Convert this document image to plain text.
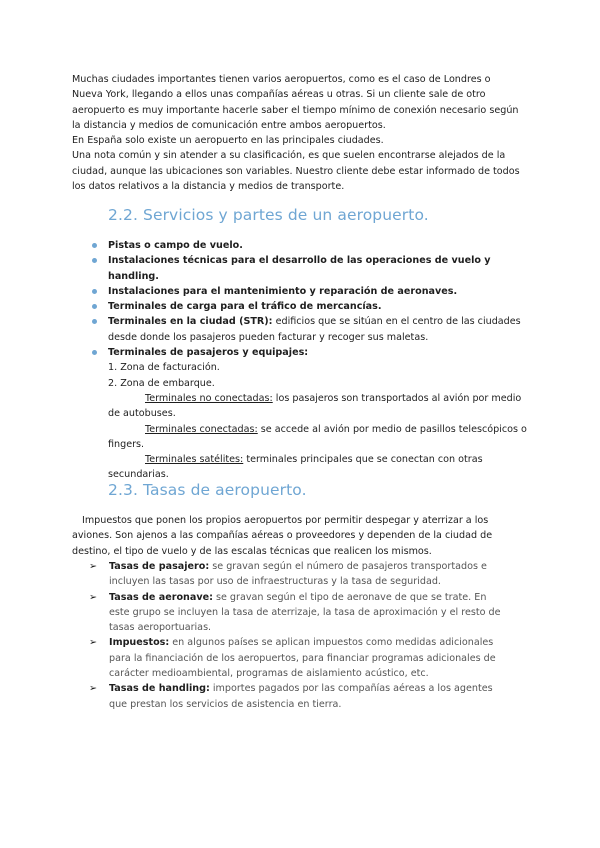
Muchas ciudades importantes tienen varios aeropuertos, como es el caso de Londres o Nueva York, llegando a ellos unas compañías aéreas u otras. Si un cliente sale de otro aeropuerto es muy importante hacerle saber el tiempo mínimo de conexión necesario según la distancia y medios de comunicación entre ambos aeropuertos.

En España solo existe un aeropuerto en las principales ciudades.

Una nota común y sin atender a su clasificación, es que suelen encontrarse alejados de la ciudad, aunque las ubicaciones son variables. Nuestro cliente debe estar informado de todos los datos relativos a la distancia y medios de transporte.

2.2. Servicios y partes de un aeropuerto.
Pistas o campo de vuelo.
Instalaciones técnicas para el desarrollo de las operaciones de vuelo y handling.
Instalaciones para el mantenimiento y reparación de aeronaves.
Terminales de carga para el tráfico de mercancías.
Terminales en la ciudad (STR): edificios que se sitúan en el centro de las ciudades desde donde los pasajeros pueden facturar y recoger sus maletas.
Terminales de pasajeros y equipajes:
1. Zona de facturación.
2. Zona de embarque.
Terminales no conectadas: los pasajeros son transportados al avión por medio de autobuses.
Terminales conectadas: se accede al avión por medio de pasillos telescópicos o fingers.
Terminales satélites: terminales principales que se conectan con otras secundarias.
2.3. Tasas de aeropuerto.

Impuestos que ponen los propios aeropuertos por permitir despegar y aterrizar a los aviones. Son ajenos a las compañías aéreas o proveedores y dependen de la ciudad de destino, el tipo de vuelo y de las escalas técnicas que realicen los mismos.

➢ Tasas de pasajero: se gravan según el número de pasajeros transportados e incluyen las tasas por uso de infraestructuras y la tasa de seguridad.
➢ Tasas de aeronave: se gravan según el tipo de aeronave de que se trate. En este grupo se incluyen la tasa de aterrizaje, la tasa de aproximación y el resto de tasas aeroportuarias.
➢ Impuestos: en algunos países se aplican impuestos como medidas adicionales para la financiación de los aeropuertos, para financiar programas adicionales de carácter medioambiental, programas de aislamiento acústico, etc.
➢ Tasas de handling: importes pagados por las compañías aéreas a los agentes que prestan los servicios de asistencia en tierra.
